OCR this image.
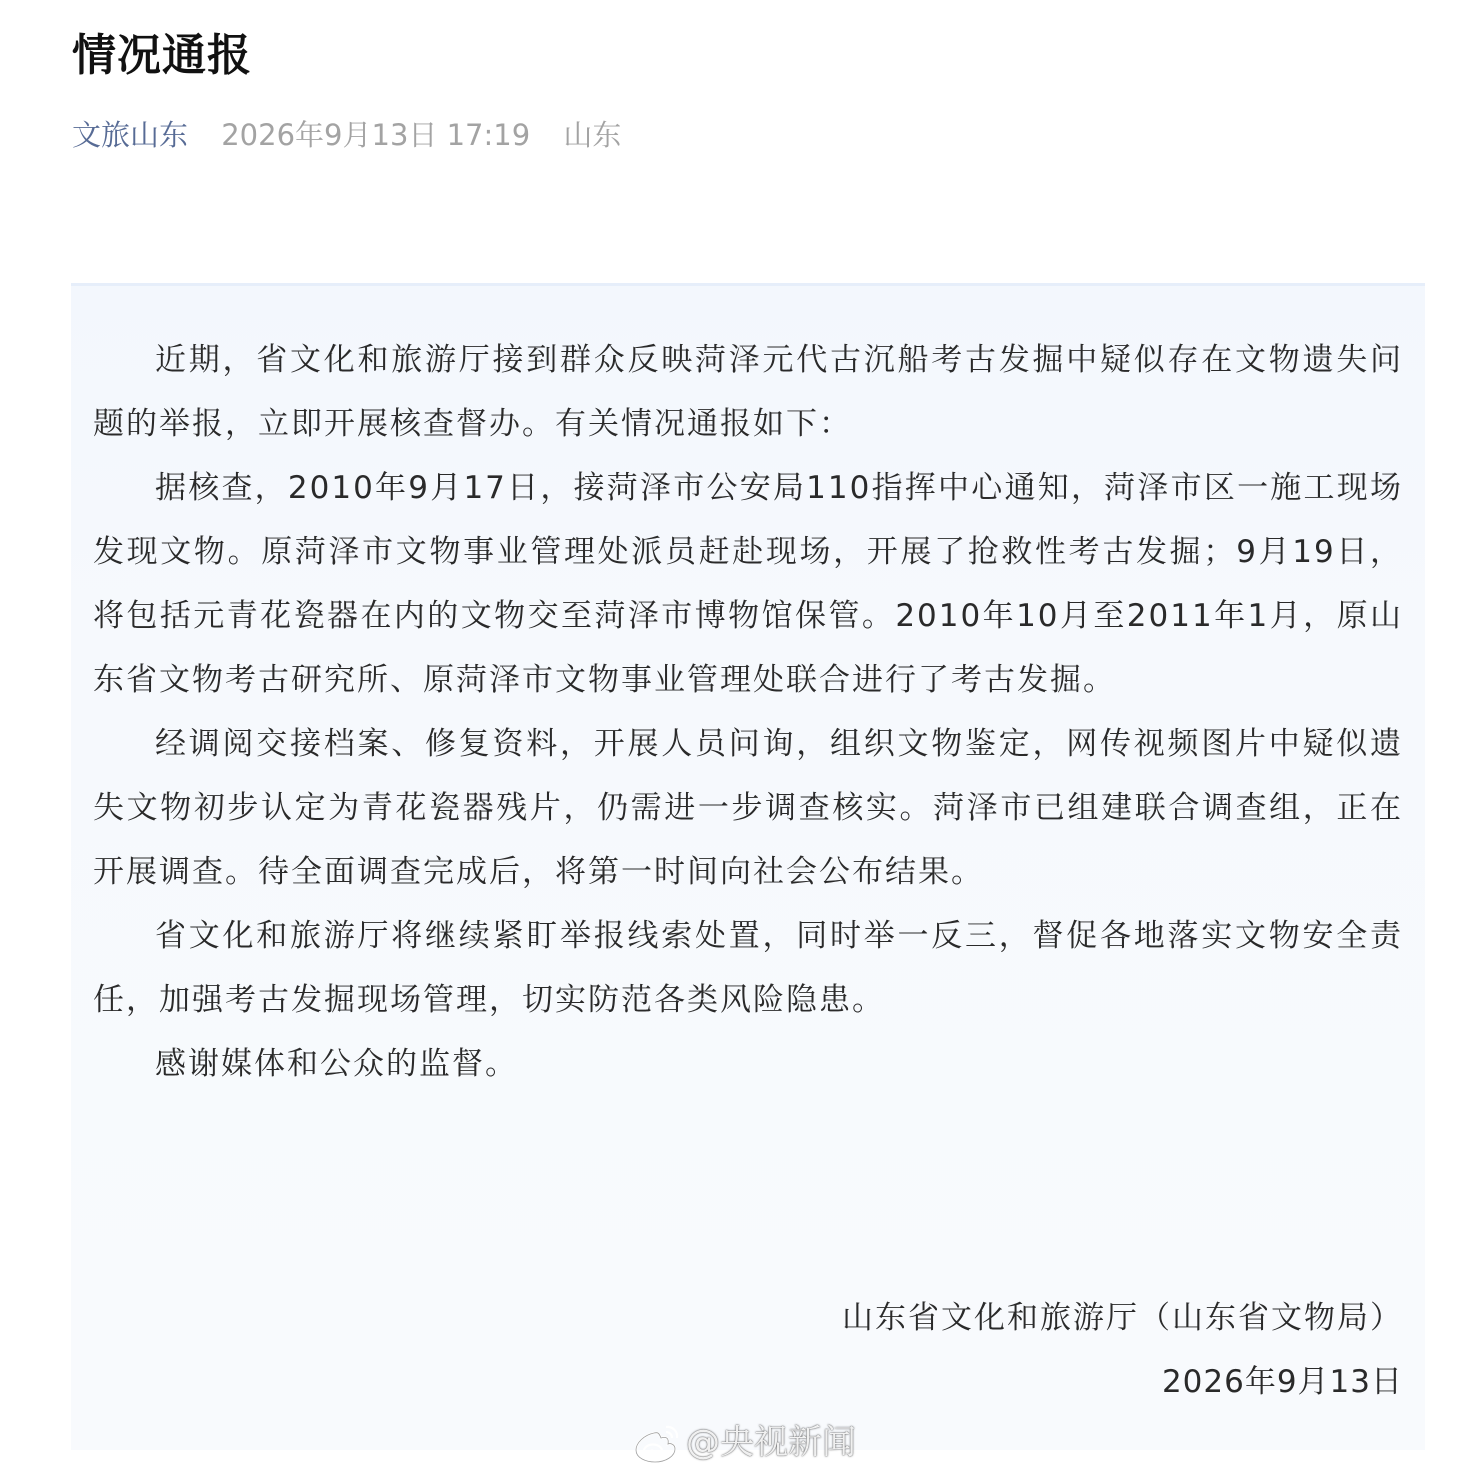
情况通报
文旅山东 2026年9月13日 17:19 山东

近期，省文化和旅游厅接到群众反映菏泽元代古沉船考古发掘中疑似存在文物遗失问题的举报，立即开展核查督办。有关情况通报如下：

据核查，2010年9月17日，接菏泽市公安局110指挥中心通知，菏泽市区一施工现场发现文物。原菏泽市文物事业管理处派员赶赴现场，开展了抢救性考古发掘；9月19日，将包括元青花瓷器在内的文物交至菏泽市博物馆保管。2010年10月至2011年1月，原山东省文物考古研究所、原菏泽市文物事业管理处联合进行了考古发掘。

经调阅交接档案、修复资料，开展人员问询，组织文物鉴定，网传视频图片中疑似遗失文物初步认定为青花瓷器残片，仍需进一步调查核实。菏泽市已组建联合调查组，正在开展调查。待全面调查完成后，将第一时间向社会公布结果。

省文化和旅游厅将继续紧盯举报线索处置，同时举一反三，督促各地落实文物安全责任，加强考古发掘现场管理，切实防范各类风险隐患。

感谢媒体和公众的监督。

山东省文化和旅游厅（山东省文物局）
2026年9月13日
@央视新闻
